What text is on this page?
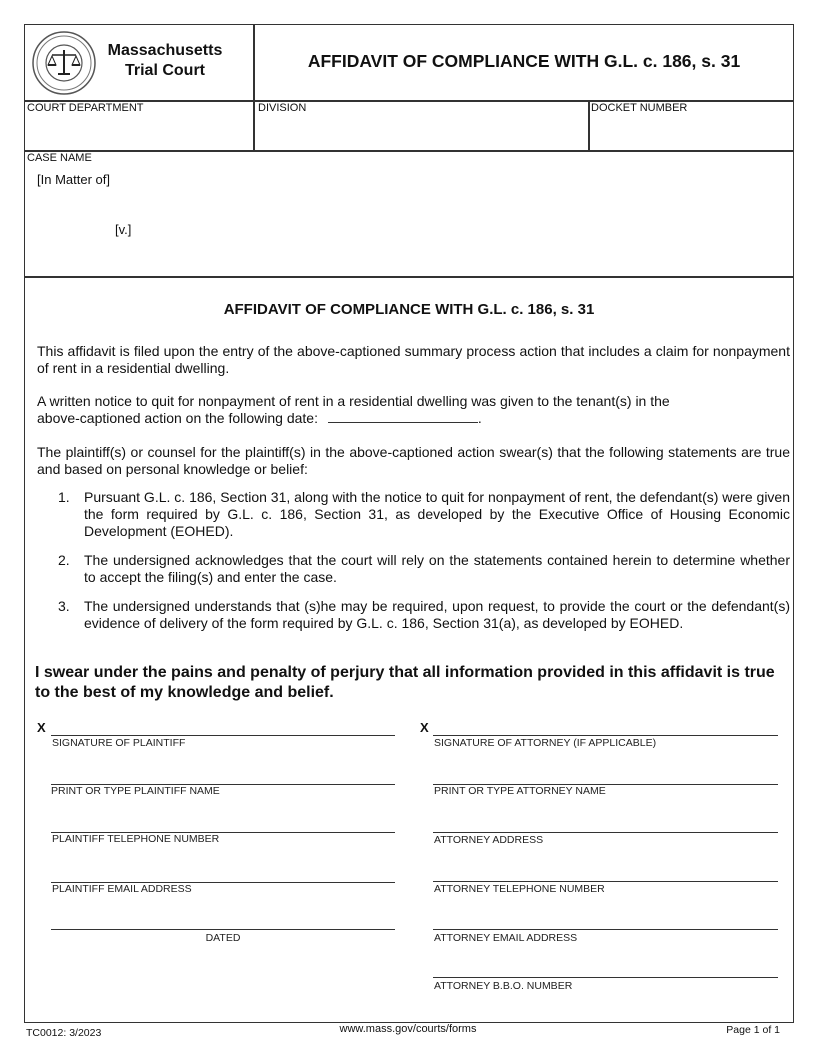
Massachusetts
Trial Court	AFFIDAVIT OF COMPLIANCE WITH G.L. c. 186, s. 31
COURT DEPARTMENT	DIVISION	DOCKET NUMBER
CASE NAME
[In Matter of]
[v.]
AFFIDAVIT OF COMPLIANCE WITH G.L. c. 186, s. 31
This affidavit is filed upon the entry of the above-captioned summary process action that includes a claim for nonpayment of rent in a residential dwelling.
A written notice to quit for nonpayment of rent in a residential dwelling was given to the tenant(s) in the
above-captioned action on the following date:	.
The plaintiff(s) or counsel for the plaintiff(s) in the above-captioned action swear(s) that the following statements are true and based on personal knowledge or belief:
1.	Pursuant G.L. c. 186, Section 31, along with the notice to quit for nonpayment of rent, the defendant(s) were given the form required by G.L. c. 186, Section 31, as developed by the Executive Office of Housing Economic Development (EOHED).
2.	The undersigned acknowledges that the court will rely on the statements contained herein to determine whether to accept the filing(s) and enter the case.
3.	The undersigned understands that (s)he may be required, upon request, to provide the court or the defendant(s) evidence of delivery of the form required by G.L. c. 186, Section 31(a), as developed by EOHED.
I swear under the pains and penalty of perjury that all information provided in this affidavit is true to the best of my knowledge and belief.
X	X
SIGNATURE OF PLAINTIFF
PRINT OR TYPE PLAINTIFF NAME
PLAINTIFF TELEPHONE NUMBER
PLAINTIFF EMAIL ADDRESS
DATED
SIGNATURE OF ATTORNEY (IF APPLICABLE)
PRINT OR TYPE ATTORNEY NAME
ATTORNEY ADDRESS
ATTORNEY TELEPHONE NUMBER
ATTORNEY EMAIL ADDRESS
ATTORNEY B.B.O. NUMBER
TC0012: 3/2023	www.mass.gov/courts/forms	Page 1 of 1
